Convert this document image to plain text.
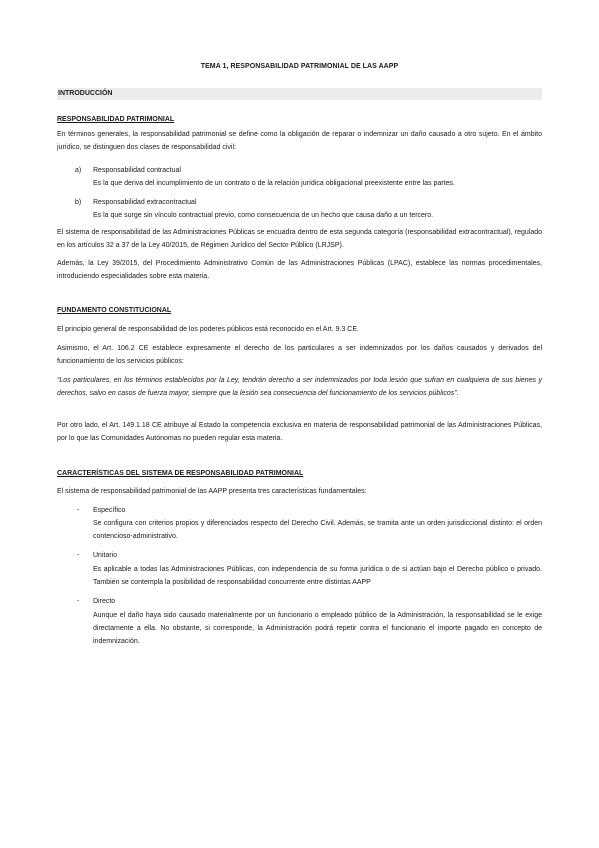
TEMA 1, RESPONSABILIDAD PATRIMONIAL DE LAS AAPP
INTRODUCCIÓN
RESPONSABILIDAD PATRIMONIAL
En términos generales, la responsabilidad patrimonial se define como la obligación de reparar o indemnizar un daño causado a otro sujeto. En el ámbito jurídico, se distinguen dos clases de responsabilidad civil:
a) Responsabilidad contractual
Es la que deriva del incumplimiento de un contrato o de la relación jurídica obligacional preexistente entre las partes.
b) Responsabilidad extracontractual
Es la que surge sin vínculo contractual previo, como consecuencia de un hecho que causa daño a un tercero.
El sistema de responsabilidad de las Administraciones Públicas se encuadra dentro de esta segunda categoría (responsabilidad extracontractual), regulado en los artículos 32 a 37 de la Ley 40/2015, de Régimen Jurídico del Sector Público (LRJSP).
Además, la Ley 39/2015, del Procedimiento Administrativo Común de las Administraciones Públicas (LPAC), establece las normas procedimentales, introduciendo especialidades sobre esta materia.
FUNDAMENTO CONSTITUCIONAL
El principio general de responsabilidad de los poderes públicos está reconocido en el Art. 9.3 CE.
Asimismo, el Art. 106.2 CE establece expresamente el derecho de los particulares a ser indemnizados por los daños causados y derivados del funcionamiento de los servicios públicos:
“Los particulares, en los términos establecidos por la Ley, tendrán derecho a ser indemnizados por toda lesión que sufran en cualquiera de sus bienes y derechos, salvo en casos de fuerza mayor, siempre que la lesión sea consecuencia del funcionamiento de los servicios públicos”.
Por otro lado, el Art. 149.1.18 CE atribuye al Estado la competencia exclusiva en materia de responsabilidad patrimonial de las Administraciones Públicas, por lo que las Comunidades Autónomas no pueden regular esta materia.
CARACTERÍSTICAS DEL SISTEMA DE RESPONSABILIDAD PATRIMONIAL
El sistema de responsabilidad patrimonial de las AAPP presenta tres características fundamentales:
- Específico
Se configura con criterios propios y diferenciados respecto del Derecho Civil. Además, se tramita ante un orden jurisdiccional distinto: el orden contencioso-administrativo.
- Unitario
Es aplicable a todas las Administraciones Públicas, con independencia de su forma jurídica o de si actúan bajo el Derecho público o privado. También se contempla la posibilidad de responsabilidad concurrente entre distintas AAPP
- Directo
Aunque el daño haya sido causado materialmente por un funcionario o empleado público de la Administración, la responsabilidad se le exige directamente a ella. No obstante, si corresponde, la Administración podrá repetir contra el funcionario el importe pagado en concepto de indemnización.
